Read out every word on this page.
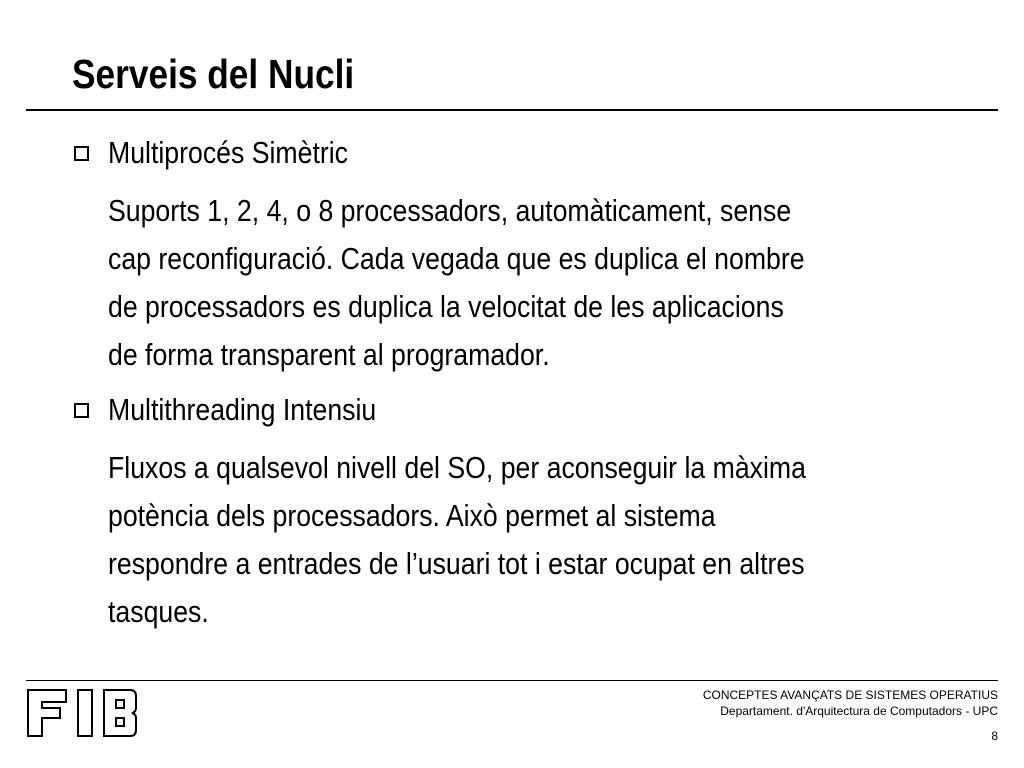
Serveis del Nucli
Multiprocés Simètric
Suports 1, 2, 4, o 8 processadors, automàticament, sense
cap reconfiguració. Cada vegada que es duplica el nombre
de processadors es duplica la velocitat de les aplicacions
de forma transparent al programador.
Multithreading Intensiu
Fluxos a qualsevol nivell del SO, per aconseguir la màxima
potència dels processadors. Això permet al sistema
respondre a entrades de l’usuari tot i estar ocupat en altres
tasques.
CONCEPTES AVANÇATS DE SISTEMES OPERATIUS
Departament. d'Arquitectura de Computadors - UPC
8
